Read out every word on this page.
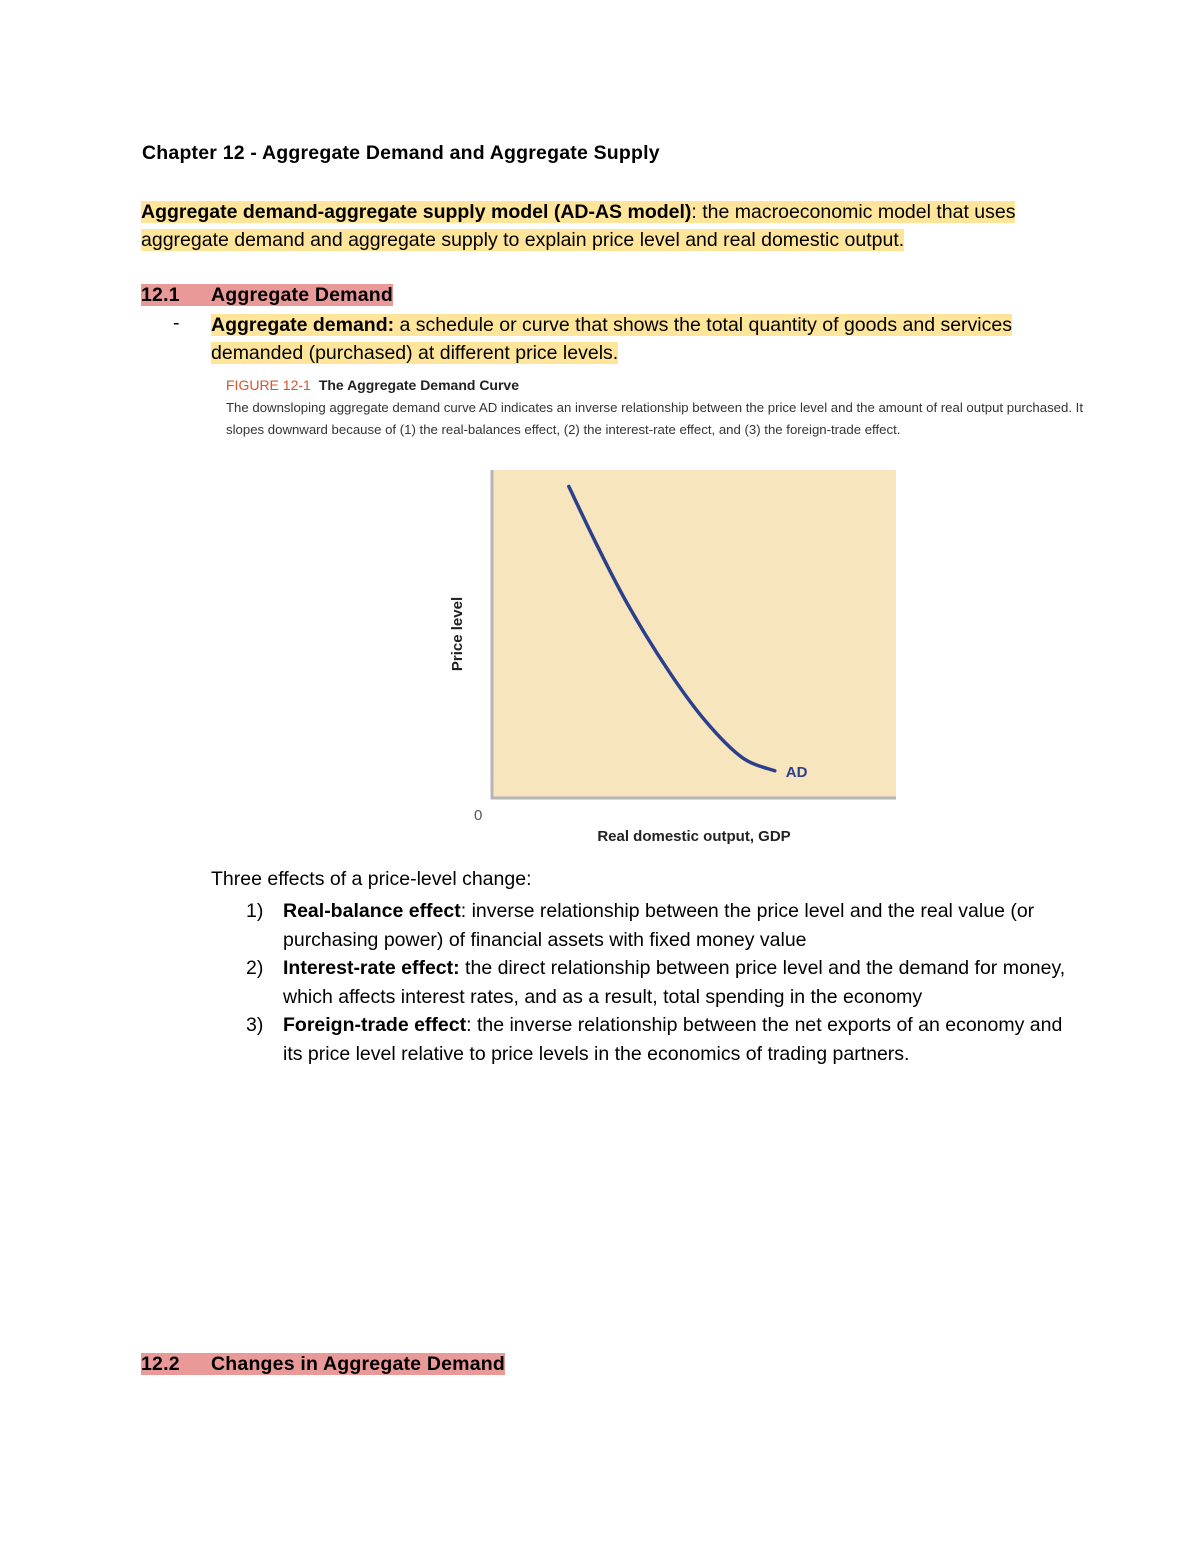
Chapter 12 - Aggregate Demand and Aggregate Supply
Aggregate demand-aggregate supply model (AD-AS model): the macroeconomic model that uses aggregate demand and aggregate supply to explain price level and real domestic output.
12.1 Aggregate Demand
- Aggregate demand: a schedule or curve that shows the total quantity of goods and services demanded (purchased) at different price levels.
FIGURE 12-1 The Aggregate Demand Curve
The downsloping aggregate demand curve AD indicates an inverse relationship between the price level and the amount of real output purchased. It slopes downward because of (1) the real-balances effect, (2) the interest-rate effect, and (3) the foreign-trade effect.
AD
0
Real domestic output, GDP
Price level
Three effects of a price-level change:
1) Real-balance effect: inverse relationship between the price level and the real value (or purchasing power) of financial assets with fixed money value
2) Interest-rate effect: the direct relationship between price level and the demand for money, which affects interest rates, and as a result, total spending in the economy
3) Foreign-trade effect: the inverse relationship between the net exports of an economy and its price level relative to price levels in the economics of trading partners.
12.2 Changes in Aggregate Demand
